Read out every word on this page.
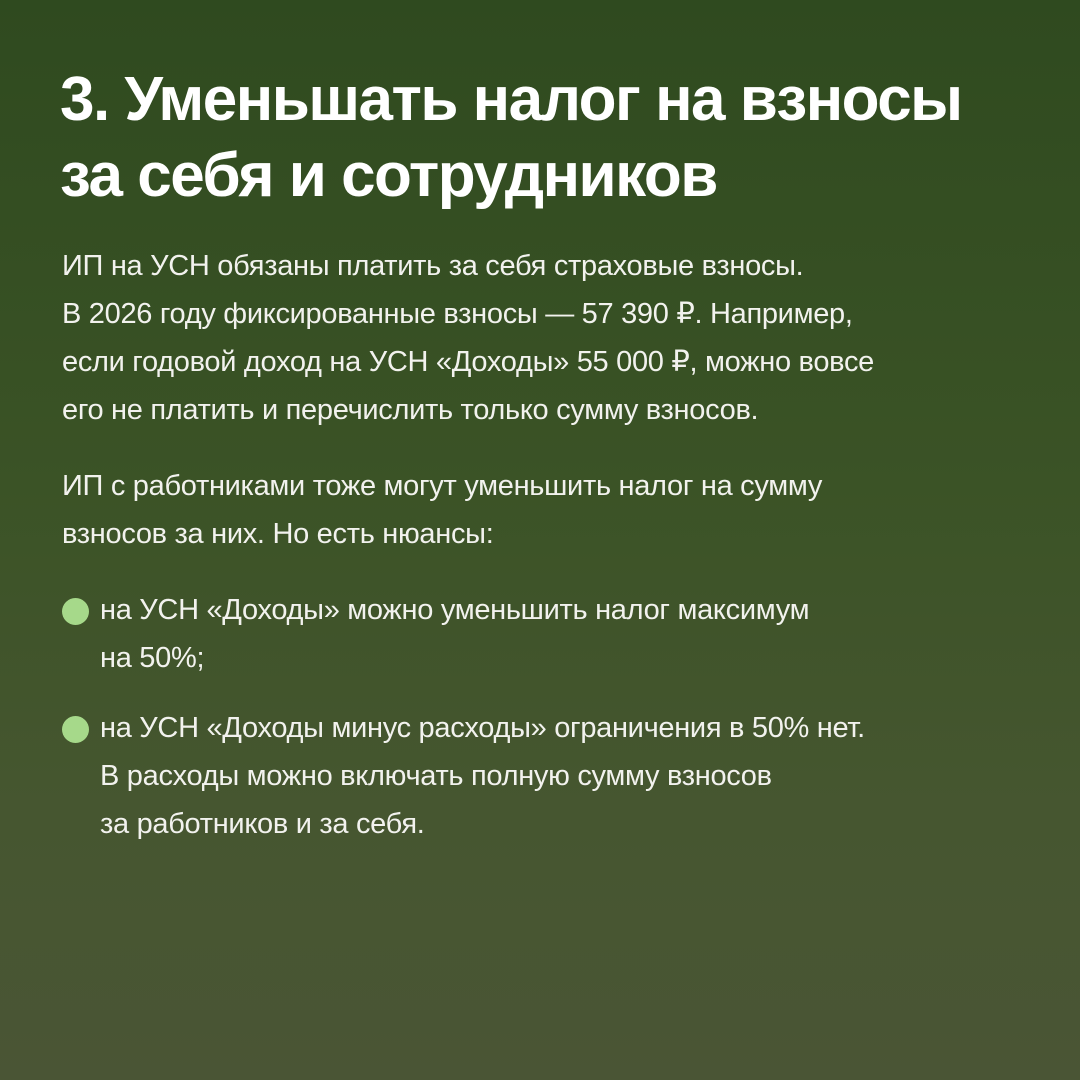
3. Уменьшать налог на взносы
за себя и сотрудников

ИП на УСН обязаны платить за себя страховые взносы.
В 2026 году фиксированные взносы — 57 390 ₽. Например,
если годовой доход на УСН «Доходы» 55 000 ₽, можно вовсе
его не платить и перечислить только сумму взносов.

ИП с работниками тоже могут уменьшить налог на сумму
взносов за них. Но есть нюансы:

на УСН «Доходы» можно уменьшить налог максимум
на 50%;
на УСН «Доходы минус расходы» ограничения в 50% нет.
В расходы можно включать полную сумму взносов
за работников и за себя.
